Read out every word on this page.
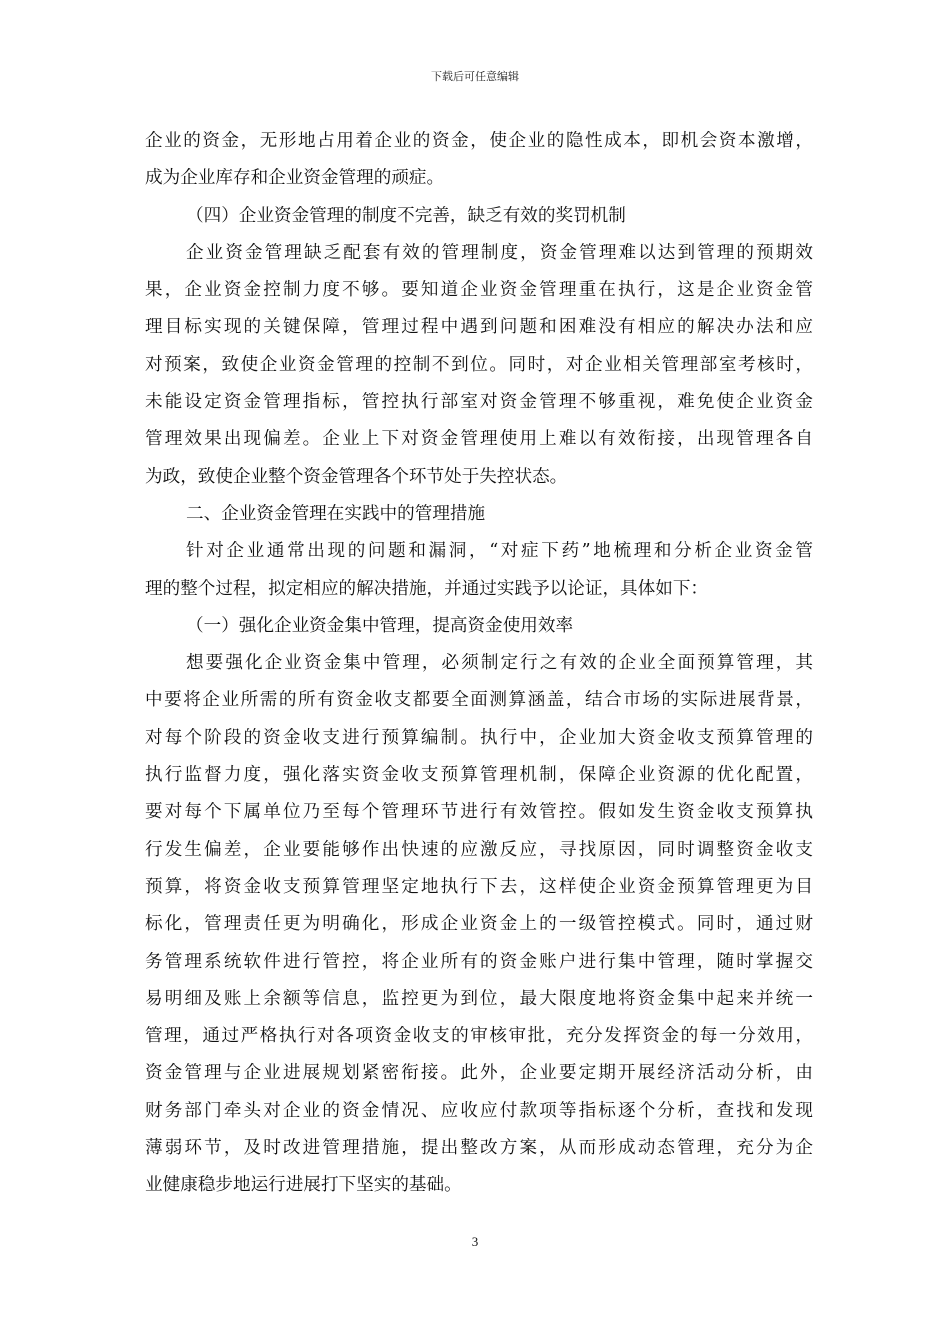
下载后可任意编辑
企业的资金，无形地占用着企业的资金，使企业的隐性成本，即机会资本激增，
成为企业库存和企业资金管理的顽症。
（四）企业资金管理的制度不完善，缺乏有效的奖罚机制
企业资金管理缺乏配套有效的管理制度，资金管理难以达到管理的预期效
果，企业资金控制力度不够。要知道企业资金管理重在执行，这是企业资金管
理目标实现的关键保障，管理过程中遇到问题和困难没有相应的解决办法和应
对预案，致使企业资金管理的控制不到位。同时，对企业相关管理部室考核时，
未能设定资金管理指标，管控执行部室对资金管理不够重视，难免使企业资金
管理效果出现偏差。企业上下对资金管理使用上难以有效衔接，出现管理各自
为政，致使企业整个资金管理各个环节处于失控状态。
二、企业资金管理在实践中的管理措施
针对企业通常出现的问题和漏洞，“对症下药”地梳理和分析企业资金管
理的整个过程，拟定相应的解决措施，并通过实践予以论证，具体如下：
（一）强化企业资金集中管理，提高资金使用效率
想要强化企业资金集中管理，必须制定行之有效的企业全面预算管理，其
中要将企业所需的所有资金收支都要全面测算涵盖，结合市场的实际进展背景，
对每个阶段的资金收支进行预算编制。执行中，企业加大资金收支预算管理的
执行监督力度，强化落实资金收支预算管理机制，保障企业资源的优化配置，
要对每个下属单位乃至每个管理环节进行有效管控。假如发生资金收支预算执
行发生偏差，企业要能够作出快速的应激反应，寻找原因，同时调整资金收支
预算，将资金收支预算管理坚定地执行下去，这样使企业资金预算管理更为目
标化，管理责任更为明确化，形成企业资金上的一级管控模式。同时，通过财
务管理系统软件进行管控，将企业所有的资金账户进行集中管理，随时掌握交
易明细及账上余额等信息，监控更为到位，最大限度地将资金集中起来并统一
管理，通过严格执行对各项资金收支的审核审批，充分发挥资金的每一分效用，
资金管理与企业进展规划紧密衔接。此外，企业要定期开展经济活动分析，由
财务部门牵头对企业的资金情况、应收应付款项等指标逐个分析，查找和发现
薄弱环节，及时改进管理措施，提出整改方案，从而形成动态管理，充分为企
业健康稳步地运行进展打下坚实的基础。
3
